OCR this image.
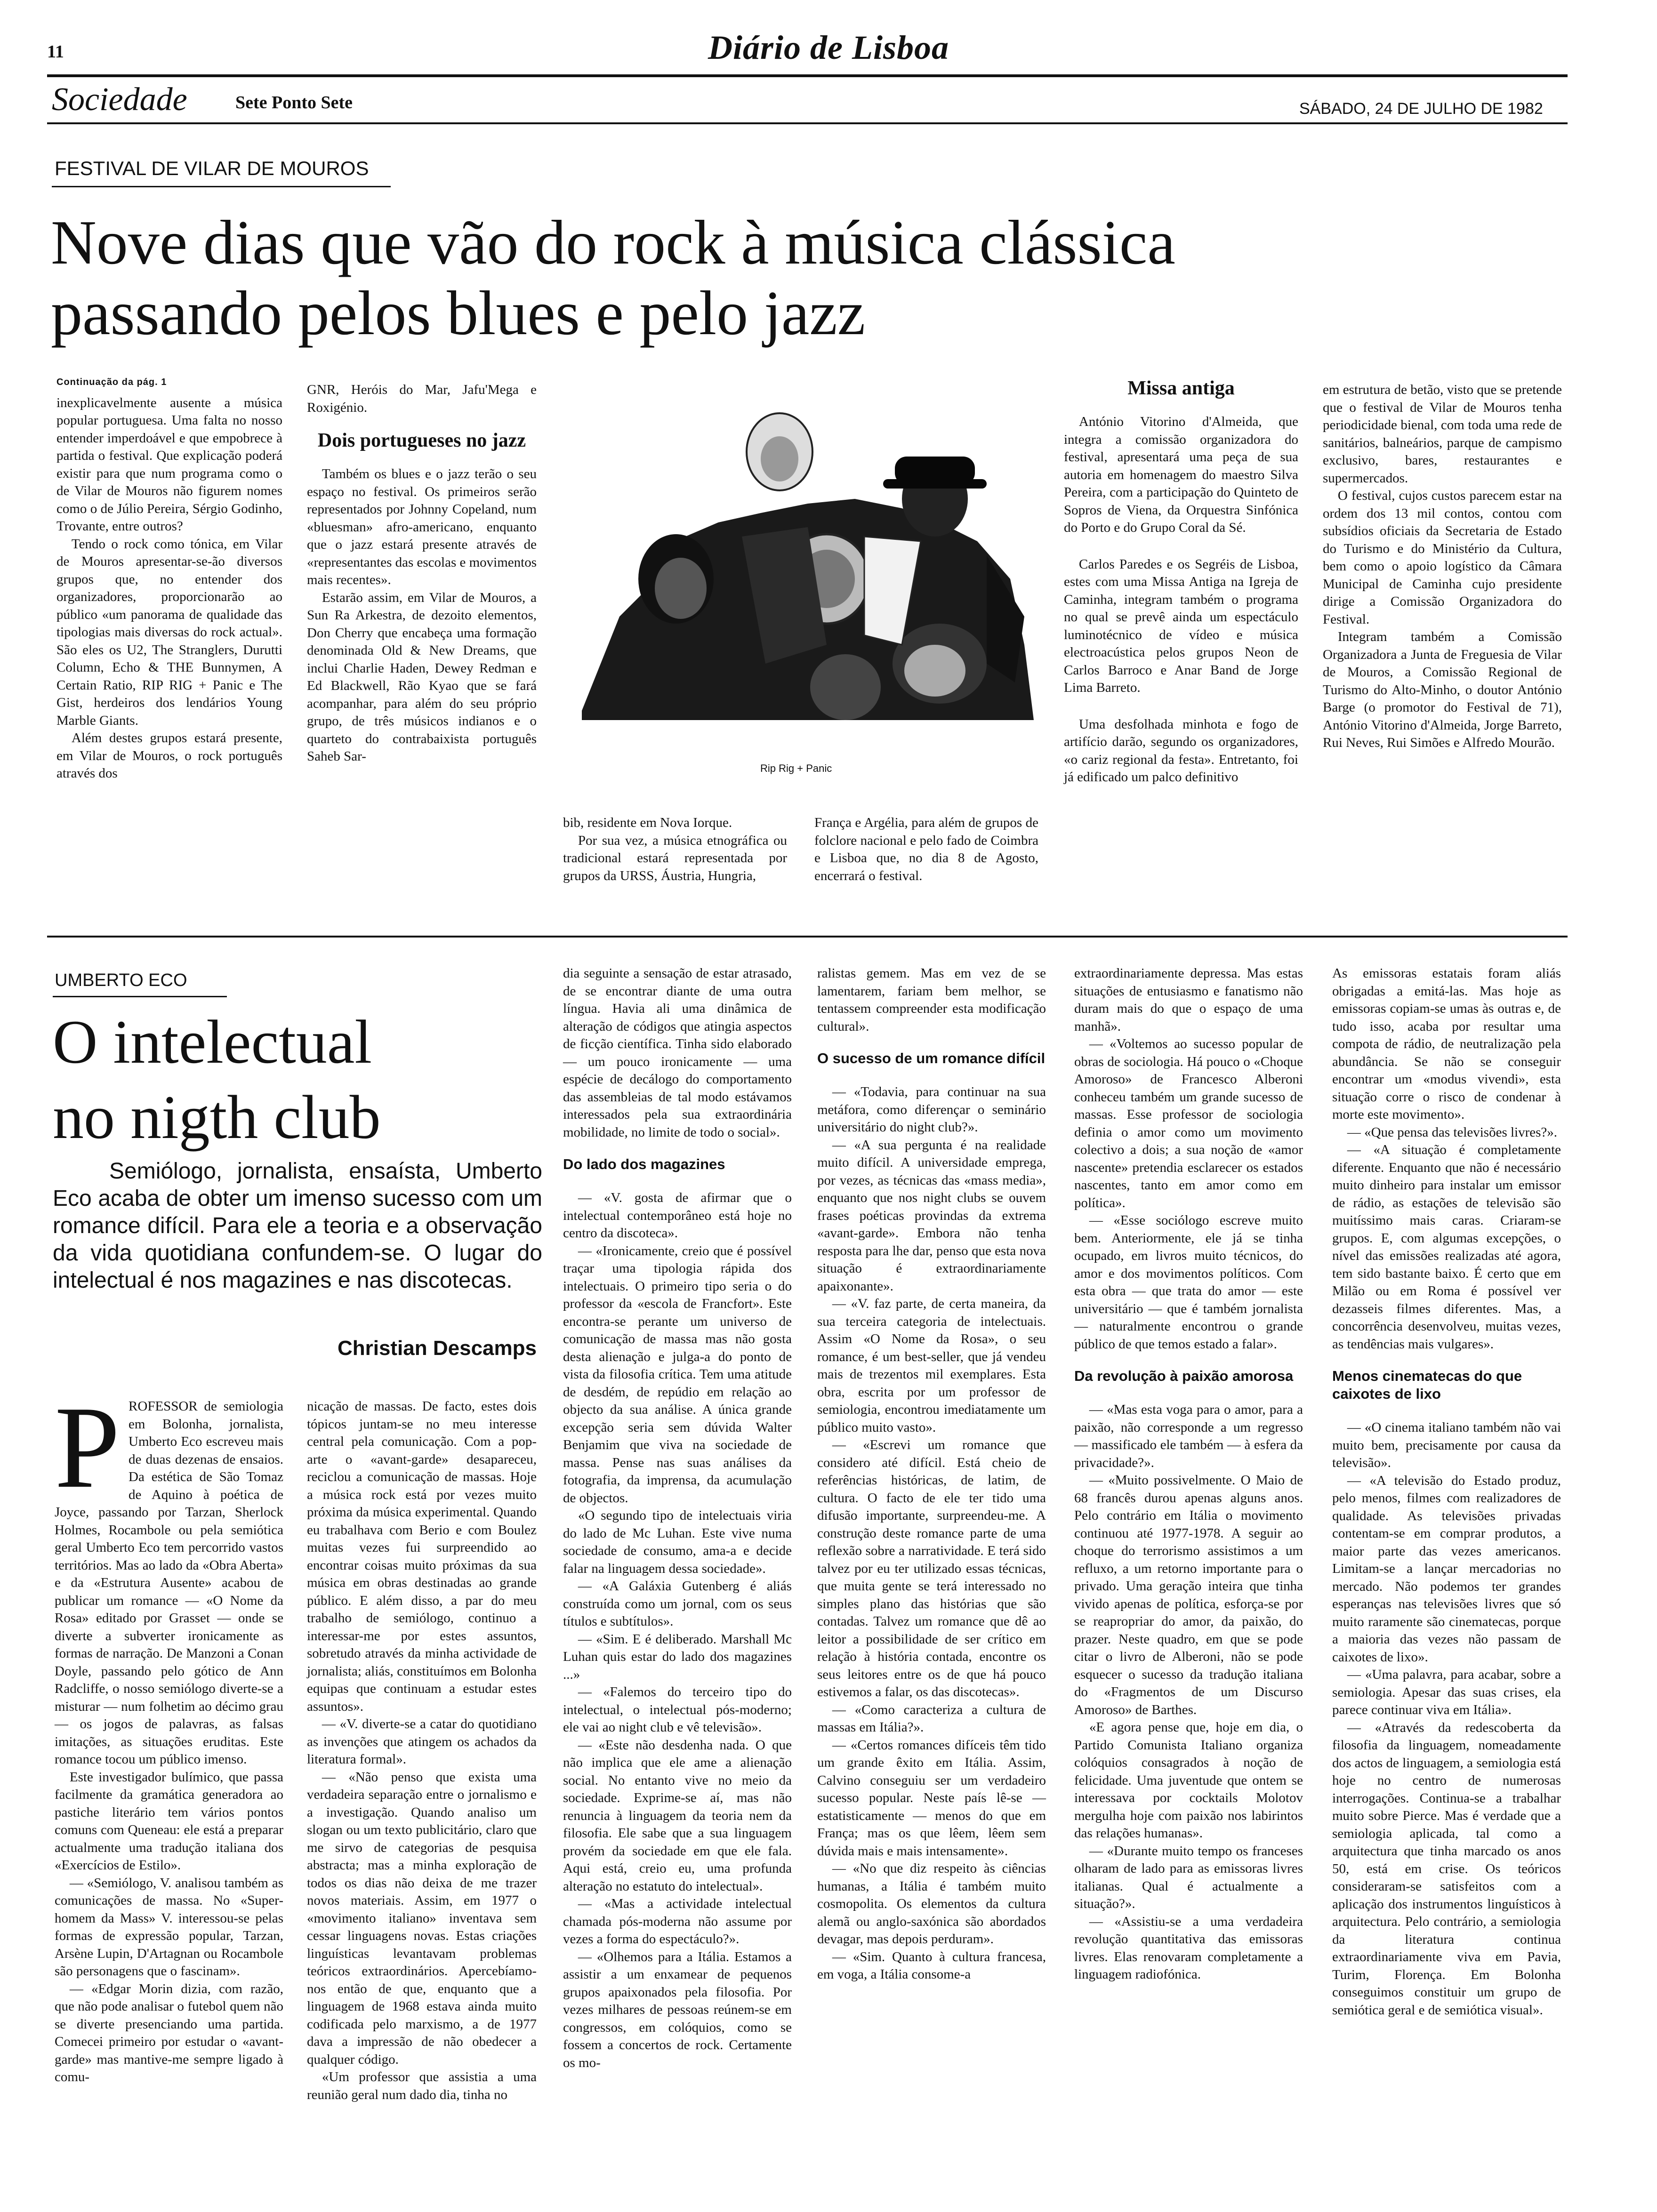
11	Diário de Lisboa
Sociedade	Sete Ponto Sete	SÁBADO, 24 DE JULHO DE 1982
FESTIVAL DE VILAR DE MOUROS
Nove dias que vão do rock à música clássica
passando pelos blues e pelo jazz
Continuação da pág. 1

inexplicavelmente ausente a música popular portuguesa. Uma falta no nosso entender imperdoável e que empobrece à partida o festival. Que explicação poderá existir para que num programa como o de Vilar de Mouros não figurem nomes como o de Júlio Pereira, Sérgio Godinho, Trovante, entre outros?

Tendo o rock como tónica, em Vilar de Mouros apresentar-se-ão diversos grupos que, no entender dos organizadores, proporcionarão ao público «um panorama de qualidade das tipologias mais diversas do rock actual». São eles os U2, The Stranglers, Durutti Column, Echo & THE Bunnymen, A Certain Ratio, RIP RIG + Panic e The Gist, herdeiros dos lendários Young Marble Giants.

Além destes grupos estará presente, em Vilar de Mouros, o rock português através dos

GNR, Heróis do Mar, Jafu'Mega e Roxigénio.

Dois portugueses no jazz

Também os blues e o jazz terão o seu espaço no festival. Os primeiros serão representados por Johnny Copeland, num «bluesman» afro-americano, enquanto que o jazz estará presente através de «representantes das escolas e movimentos mais recentes».

Estarão assim, em Vilar de Mouros, a Sun Ra Arkestra, de dezoito elementos, Don Cherry que encabeça uma formação denominada Old & New Dreams, que inclui Charlie Haden, Dewey Redman e Ed Blackwell, Rão Kyao que se fará acompanhar, para além do seu próprio grupo, de três músicos indianos e o quarteto do contrabaixista português Saheb Sar-

Rip Rig + Panic

bib, residente em Nova Iorque.

Por sua vez, a música etnográfica ou tradicional estará representada por grupos da URSS, Áustria, Hungria,

França e Argélia, para além de grupos de folclore nacional e pelo fado de Coimbra e Lisboa que, no dia 8 de Agosto, encerrará o festival.

Missa antiga

António Vitorino d'Almeida, que integra a comissão organizadora do festival, apresentará uma peça de sua autoria em homenagem do maestro Silva Pereira, com a participação do Quinteto de Sopros de Viena, da Orquestra Sinfónica do Porto e do Grupo Coral da Sé.

Carlos Paredes e os Segréis de Lisboa, estes com uma Missa Antiga na Igreja de Caminha, integram também o programa no qual se prevê ainda um espectáculo luminotécnico de vídeo e música electroacústica pelos grupos Neon de Carlos Barroco e Anar Band de Jorge Lima Barreto.

Uma desfolhada minhota e fogo de artifício darão, segundo os organizadores, «o cariz regional da festa». Entretanto, foi já edificado um palco definitivo

em estrutura de betão, visto que se pretende que o festival de Vilar de Mouros tenha periodicidade bienal, com toda uma rede de sanitários, balneários, parque de campismo exclusivo, bares, restaurantes e supermercados.

O festival, cujos custos parecem estar na ordem dos 13 mil contos, contou com subsídios oficiais da Secretaria de Estado do Turismo e do Ministério da Cultura, bem como o apoio logístico da Câmara Municipal de Caminha cujo presidente dirige a Comissão Organizadora do Festival.

Integram também a Comissão Organizadora a Junta de Freguesia de Vilar de Mouros, a Comissão Regional de Turismo do Alto-Minho, o doutor António Barge (o promotor do Festival de 71), António Vitorino d'Almeida, Jorge Barreto, Rui Neves, Rui Simões e Alfredo Mourão.

UMBERTO ECO
O intelectual
no nigth club
Semiólogo, jornalista, ensaísta, Umberto Eco acaba de obter um imenso sucesso com um romance difícil. Para ele a teoria e a observação da vida quotidiana confundem-se. O lugar do intelectual é nos magazines e nas discotecas.
Christian Descamps
P ROFESSOR de semiologia em Bolonha, jornalista, Umberto Eco escreveu mais de duas dezenas de ensaios. Da estética de São Tomaz de Aquino à poética de Joyce, passando por Tarzan, Sherlock Holmes, Rocambole ou pela semiótica geral Umberto Eco tem percorrido vastos territórios. Mas ao lado da «Obra Aberta» e da «Estrutura Ausente» acabou de publicar um romance — «O Nome da Rosa» editado por Grasset — onde se diverte a subverter ironicamente as formas de narração. De Manzoni a Conan Doyle, passando pelo gótico de Ann Radcliffe, o nosso semiólogo diverte-se a misturar — num folhetim ao décimo grau — os jogos de palavras, as falsas imitações, as situações eruditas. Este romance tocou um público imenso.

Este investigador bulímico, que passa facilmente da gramática generadora ao pastiche literário tem vários pontos comuns com Queneau: ele está a preparar actualmente uma tradução italiana dos «Exercícios de Estilo».

— «Semiólogo, V. analisou também as comunicações de massa. No «Super-homem da Mass» V. interessou-se pelas formas de expressão popular, Tarzan, Arsène Lupin, D'Artagnan ou Rocambole são personagens que o fascinam».

— «Edgar Morin dizia, com razão, que não pode analisar o futebol quem não se diverte presenciando uma partida. Comecei primeiro por estudar o «avant-garde» mas mantive-me sempre ligado à comu-

nicação de massas. De facto, estes dois tópicos juntam-se no meu interesse central pela comunicação. Com a pop-arte o «avant-garde» desapareceu, reciclou a comunicação de massas. Hoje a música rock está por vezes muito próxima da música experimental. Quando eu trabalhava com Berio e com Boulez muitas vezes fui surpreendido ao encontrar coisas muito próximas da sua música em obras destinadas ao grande público. E além disso, a par do meu trabalho de semiólogo, continuo a interessar-me por estes assuntos, sobretudo através da minha actividade de jornalista; aliás, constituímos em Bolonha equipas que continuam a estudar estes assuntos».

— «V. diverte-se a catar do quotidiano as invenções que atingem os achados da literatura formal».

— «Não penso que exista uma verdadeira separação entre o jornalismo e a investigação. Quando analiso um slogan ou um texto publicitário, claro que me sirvo de categorias de pesquisa abstracta; mas a minha exploração de todos os dias não deixa de me trazer novos materiais. Assim, em 1977 o «movimento italiano» inventava sem cessar linguagens novas. Estas criações linguísticas levantavam problemas teóricos extraordinários. Apercebíamo-nos então de que, enquanto que a linguagem de 1968 estava ainda muito codificada pelo marxismo, a de 1977 dava a impressão de não obedecer a qualquer código.

«Um professor que assistia a uma reunião geral num dado dia, tinha no

dia seguinte a sensação de estar atrasado, de se encontrar diante de uma outra língua. Havia ali uma dinâmica de alteração de códigos que atingia aspectos de ficção científica. Tinha sido elaborado — um pouco ironicamente — uma espécie de decálogo do comportamento das assembleias de tal modo estávamos interessados pela sua extraordinária mobilidade, no limite de todo o social».

Do lado dos magazines

— «V. gosta de afirmar que o intelectual contemporâneo está hoje no centro da discoteca».

— «Ironicamente, creio que é possível traçar uma tipologia rápida dos intelectuais. O primeiro tipo seria o do professor da «escola de Francfort». Este encontra-se perante um universo de comunicação de massa mas não gosta desta alienação e julga-a do ponto de vista da filosofia crítica. Tem uma atitude de desdém, de repúdio em relação ao objecto da sua análise. A única grande excepção seria sem dúvida Walter Benjamim que viva na sociedade de massa. Pense nas suas análises da fotografia, da imprensa, da acumulação de objectos.

«O segundo tipo de intelectuais viria do lado de Mc Luhan. Este vive numa sociedade de consumo, ama-a e decide falar na linguagem dessa sociedade».

— «A Galáxia Gutenberg é aliás construída como um jornal, com os seus títulos e subtítulos».

— «Sim. E é deliberado. Marshall Mc Luhan quis estar do lado dos magazines ...»

— «Falemos do terceiro tipo do intelectual, o intelectual pós-moderno; ele vai ao night club e vê televisão».

— «Este não desdenha nada. O que não implica que ele ame a alienação social. No entanto vive no meio da sociedade. Exprime-se aí, mas não renuncia à linguagem da teoria nem da filosofia. Ele sabe que a sua linguagem provém da sociedade em que ele fala. Aqui está, creio eu, uma profunda alteração no estatuto do intelectual».

— «Mas a actividade intelectual chamada pós-moderna não assume por vezes a forma do espectáculo?».

— «Olhemos para a Itália. Estamos a assistir a um enxamear de pequenos grupos apaixonados pela filosofia. Por vezes milhares de pessoas reúnem-se em congressos, em colóquios, como se fossem a concertos de rock. Certamente os mo-

ralistas gemem. Mas em vez de se lamentarem, fariam bem melhor, se tentassem compreender esta modificação cultural».

O sucesso de um romance difícil

— «Todavia, para continuar na sua metáfora, como diferençar o seminário universitário do night club?».

— «A sua pergunta é na realidade muito difícil. A universidade emprega, por vezes, as técnicas das «mass media», enquanto que nos night clubs se ouvem frases poéticas provindas da extrema «avant-garde». Embora não tenha resposta para lhe dar, penso que esta nova situação é extraordinariamente apaixonante».

— «V. faz parte, de certa maneira, da sua terceira categoria de intelectuais. Assim «O Nome da Rosa», o seu romance, é um best-seller, que já vendeu mais de trezentos mil exemplares. Esta obra, escrita por um professor de semiologia, encontrou imediatamente um público muito vasto».

— «Escrevi um romance que considero até difícil. Está cheio de referências históricas, de latim, de cultura. O facto de ele ter tido uma difusão importante, surpreendeu-me. A construção deste romance parte de uma reflexão sobre a narratividade. E terá sido talvez por eu ter utilizado essas técnicas, que muita gente se terá interessado no simples plano das histórias que são contadas. Talvez um romance que dê ao leitor a possibilidade de ser crítico em relação à história contada, encontre os seus leitores entre os de que há pouco estivemos a falar, os das discotecas».

— «Como caracteriza a cultura de massas em Itália?».

— «Certos romances difíceis têm tido um grande êxito em Itália. Assim, Calvino conseguiu ser um verdadeiro sucesso popular. Neste país lê-se — estatisticamente — menos do que em França; mas os que lêem, lêem sem dúvida mais e mais intensamente».

— «No que diz respeito às ciências humanas, a Itália é também muito cosmopolita. Os elementos da cultura alemã ou anglo-saxónica são abordados devagar, mas depois perduram».

— «Sim. Quanto à cultura francesa, em voga, a Itália consome-a

extraordinariamente depressa. Mas estas situações de entusiasmo e fanatismo não duram mais do que o espaço de uma manhã».

— «Voltemos ao sucesso popular de obras de sociologia. Há pouco o «Choque Amoroso» de Francesco Alberoni conheceu também um grande sucesso de massas. Esse professor de sociologia definia o amor como um movimento colectivo a dois; a sua noção de «amor nascente» pretendia esclarecer os estados nascentes, tanto em amor como em política».

— «Esse sociólogo escreve muito bem. Anteriormente, ele já se tinha ocupado, em livros muito técnicos, do amor e dos movimentos políticos. Com esta obra — que trata do amor — este universitário — que é também jornalista — naturalmente encontrou o grande público de que temos estado a falar».

Da revolução à paixão amorosa

— «Mas esta voga para o amor, para a paixão, não corresponde a um regresso — massificado ele também — à esfera da privacidade?».

— «Muito possivelmente. O Maio de 68 francês durou apenas alguns anos. Pelo contrário em Itália o movimento continuou até 1977-1978. A seguir ao choque do terrorismo assistimos a um refluxo, a um retorno importante para o privado. Uma geração inteira que tinha vivido apenas de política, esforça-se por se reapropriar do amor, da paixão, do prazer. Neste quadro, em que se pode citar o livro de Alberoni, não se pode esquecer o sucesso da tradução italiana do «Fragmentos de um Discurso Amoroso» de Barthes.

«E agora pense que, hoje em dia, o Partido Comunista Italiano organiza colóquios consagrados à noção de felicidade. Uma juventude que ontem se interessava por cocktails Molotov mergulha hoje com paixão nos labirintos das relações humanas».

— «Durante muito tempo os franceses olharam de lado para as emissoras livres italianas. Qual é actualmente a situação?».

— «Assistiu-se a uma verdadeira revolução quantitativa das emissoras livres. Elas renovaram completamente a linguagem radiofónica.

As emissoras estatais foram aliás obrigadas a emitá-las. Mas hoje as emissoras copiam-se umas às outras e, de tudo isso, acaba por resultar uma compota de rádio, de neutralização pela abundância. Se não se conseguir encontrar um «modus vivendi», esta situação corre o risco de condenar à morte este movimento».

— «Que pensa das televisões livres?».

— «A situação é completamente diferente. Enquanto que não é necessário muito dinheiro para instalar um emissor de rádio, as estações de televisão são muitíssimo mais caras. Criaram-se grupos. E, com algumas excepções, o nível das emissões realizadas até agora, tem sido bastante baixo. É certo que em Milão ou em Roma é possível ver dezasseis filmes diferentes. Mas, a concorrência desenvolveu, muitas vezes, as tendências mais vulgares».

Menos cinematecas do que caixotes de lixo

— «O cinema italiano também não vai muito bem, precisamente por causa da televisão».

— «A televisão do Estado produz, pelo menos, filmes com realizadores de qualidade. As televisões privadas contentam-se em comprar produtos, a maior parte das vezes americanos. Limitam-se a lançar mercadorias no mercado. Não podemos ter grandes esperanças nas televisões livres que só muito raramente são cinematecas, porque a maioria das vezes não passam de caixotes de lixo».

— «Uma palavra, para acabar, sobre a semiologia. Apesar das suas crises, ela parece continuar viva em Itália».

— «Através da redescoberta da filosofia da linguagem, nomeadamente dos actos de linguagem, a semiologia está hoje no centro de numerosas interrogações. Continua-se a trabalhar muito sobre Pierce. Mas é verdade que a semiologia aplicada, tal como a arquitectura que tinha marcado os anos 50, está em crise. Os teóricos consideraram-se satisfeitos com a aplicação dos instrumentos linguísticos à arquitectura. Pelo contrário, a semiologia da literatura continua extraordinariamente viva em Pavia, Turim, Florença. Em Bolonha conseguimos constituir um grupo de semiótica geral e de semiótica visual».
